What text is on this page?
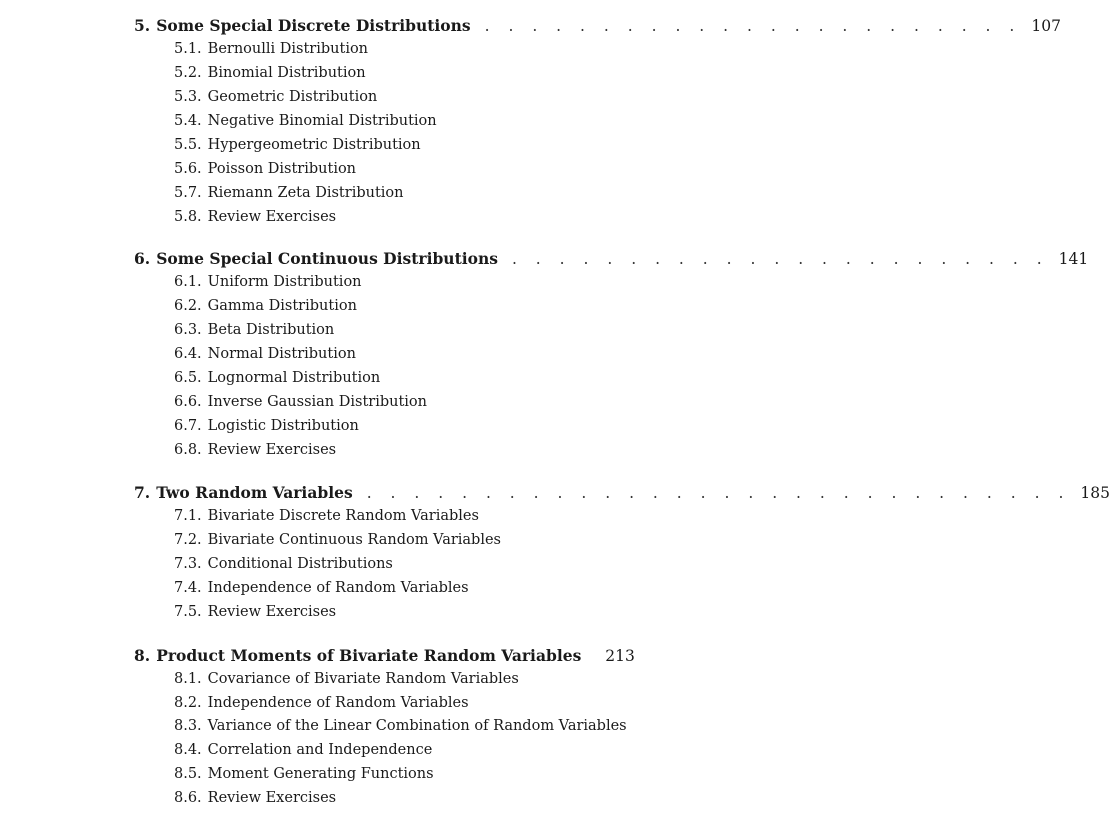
5. Some Special Discrete Distributions . . . . . . . . . . . . . . . . . . . . . . . 107
5.1. Bernoulli Distribution
5.2. Binomial Distribution
5.3. Geometric Distribution
5.4. Negative Binomial Distribution
5.5. Hypergeometric Distribution
5.6. Poisson Distribution
5.7. Riemann Zeta Distribution
5.8. Review Exercises
6. Some Special Continuous Distributions . . . . . . . . . . . . . . . . . . . . . . . 141
6.1. Uniform Distribution
6.2. Gamma Distribution
6.3. Beta Distribution
6.4. Normal Distribution
6.5. Lognormal Distribution
6.6. Inverse Gaussian Distribution
6.7. Logistic Distribution
6.8. Review Exercises
7. Two Random Variables . . . . . . . . . . . . . . . . . . . . . . . . . . . . . . 185
7.1. Bivariate Discrete Random Variables
7.2. Bivariate Continuous Random Variables
7.3. Conditional Distributions
7.4. Independence of Random Variables
7.5. Review Exercises
8. Product Moments of Bivariate Random Variables 213
8.1. Covariance of Bivariate Random Variables
8.2. Independence of Random Variables
8.3. Variance of the Linear Combination of Random Variables
8.4. Correlation and Independence
8.5. Moment Generating Functions
8.6. Review Exercises
